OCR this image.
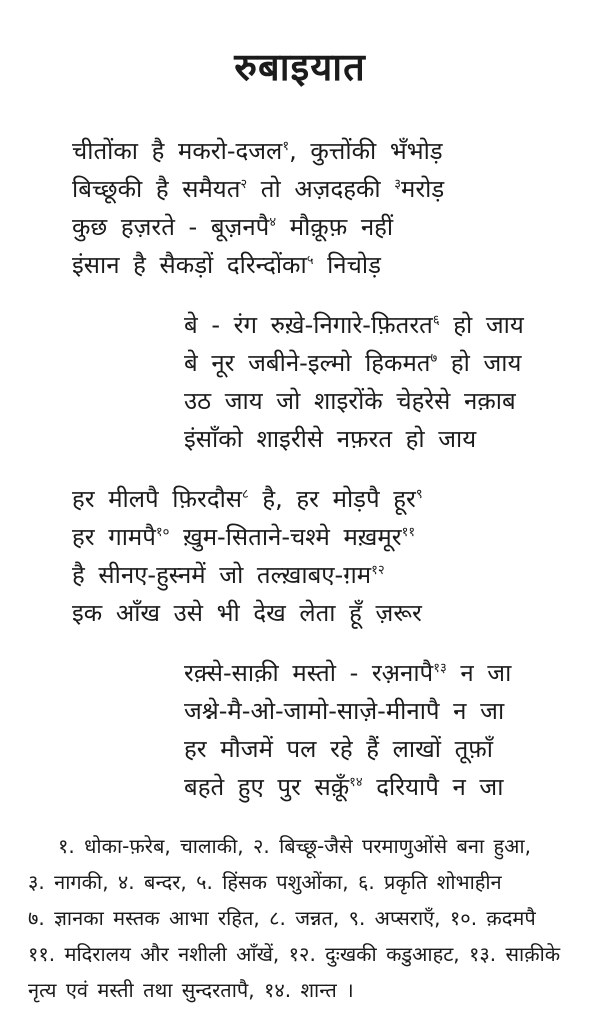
रुबाइयात
चीतोंका है मकरो-दजल$^१$, कुत्तोंकी भँभोड़
बिच्छूकी है समैयत$^२$ तो अज़दहकी $^३$मरोड़
कुछ हज़रते - बूज़नपै$^४$ मौक़ूफ़ नहीं
इंसान है सैकड़ों दरिन्दोंका$^५$ निचोड़
बे - रंग रुख़े-निगारे-फ़ितरत$^६$ हो जाय
बे नूर जबीने-इल्मो हिकमत$^७$ हो जाय
उठ जाय जो शाइरोंके चेहरेसे नक़ाब
इंसाँको शाइरीसे नफ़रत हो जाय
हर मीलपै फ़िरदौस$^८$ है, हर मोड़पै हूर$^९$
हर गामपै$^{१०}$ ख़ुम-सिताने-चश्मे मख़मूर$^{११}$
है सीनए-हुस्नमें जो तल्ख़ाबए-ग़म$^{१२}$
इक आँख उसे भी देख लेता हूँ ज़रूर
रक़्से-साक़ी मस्तो - रअ़नापै$^{१३}$ न जा
जश्ने-मै-ओ-जामो-साज़े-मीनापै न जा
हर मौजमें पल रहे हैं लाखों तूफ़ाँ
बहते हुए पुर सक़ूँ$^{१४}$ दरियापै न जा
१. धोका-फ़रेब, चालाकी, २. बिच्छू-जैसे परमाणुओंसे बना हुआ,
३. नागकी, ४. बन्दर, ५. हिंसक पशुओंका, ६. प्रकृति शोभाहीन
७. ज्ञानका मस्तक आभा रहित, ८. जन्नत, ९. अप्सराएँ, १०. क़दमपै
११. मदिरालय और नशीली आँखें, १२. दुःखकी कडुआहट, १३. साक़ीके
नृत्य एवं मस्ती तथा सुन्दरतापै, १४. शान्त ।
